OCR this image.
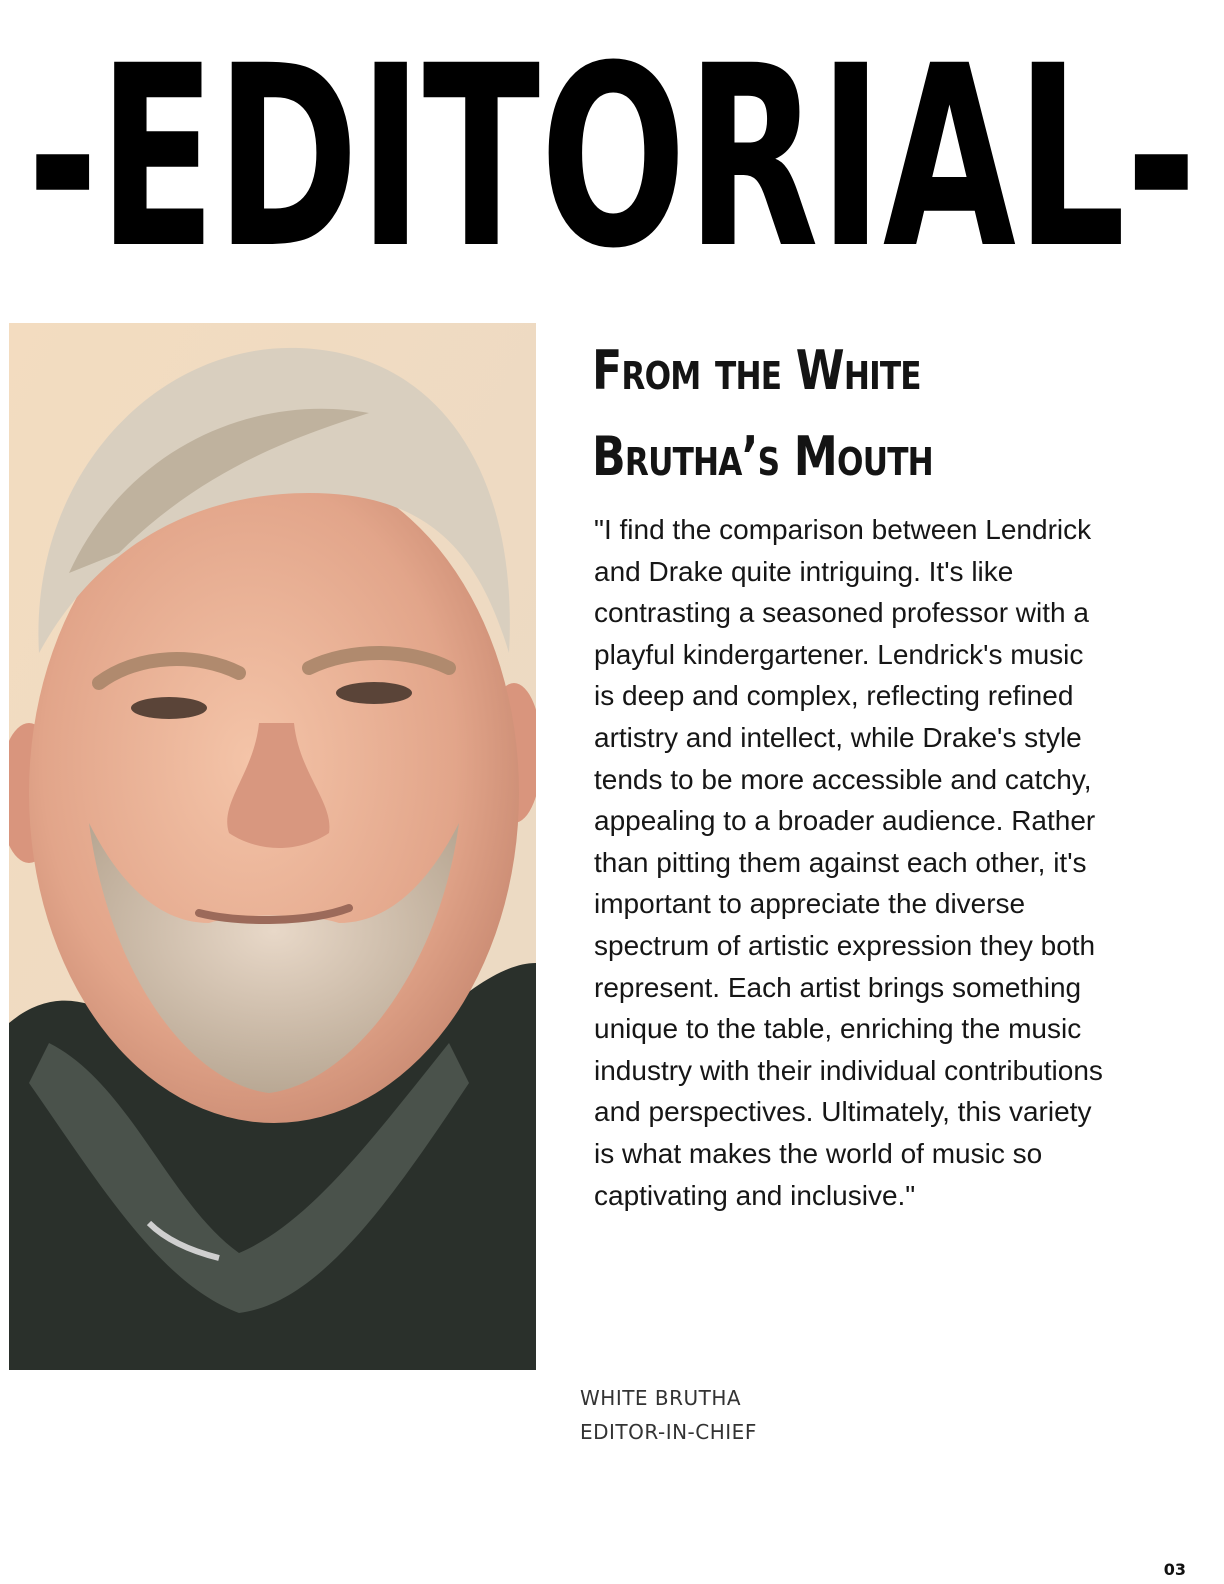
-EDITORIAL-
From the White
Brutha’s Mouth

"I find the comparison between Lendrick and Drake quite intriguing. It's like contrasting a seasoned professor with a playful kindergartener. Lendrick's music is deep and complex, reflecting refined artistry and intellect, while Drake's style tends to be more accessible and catchy, appealing to a broader audience. Rather than pitting them against each other, it's important to appreciate the diverse spectrum of artistic expression they both represent. Each artist brings something unique to the table, enriching the music industry with their individual contributions and perspectives. Ultimately, this variety is what makes the world of music so captivating and inclusive."

WHITE BRUTHA
EDITOR-IN-CHIEF
03
